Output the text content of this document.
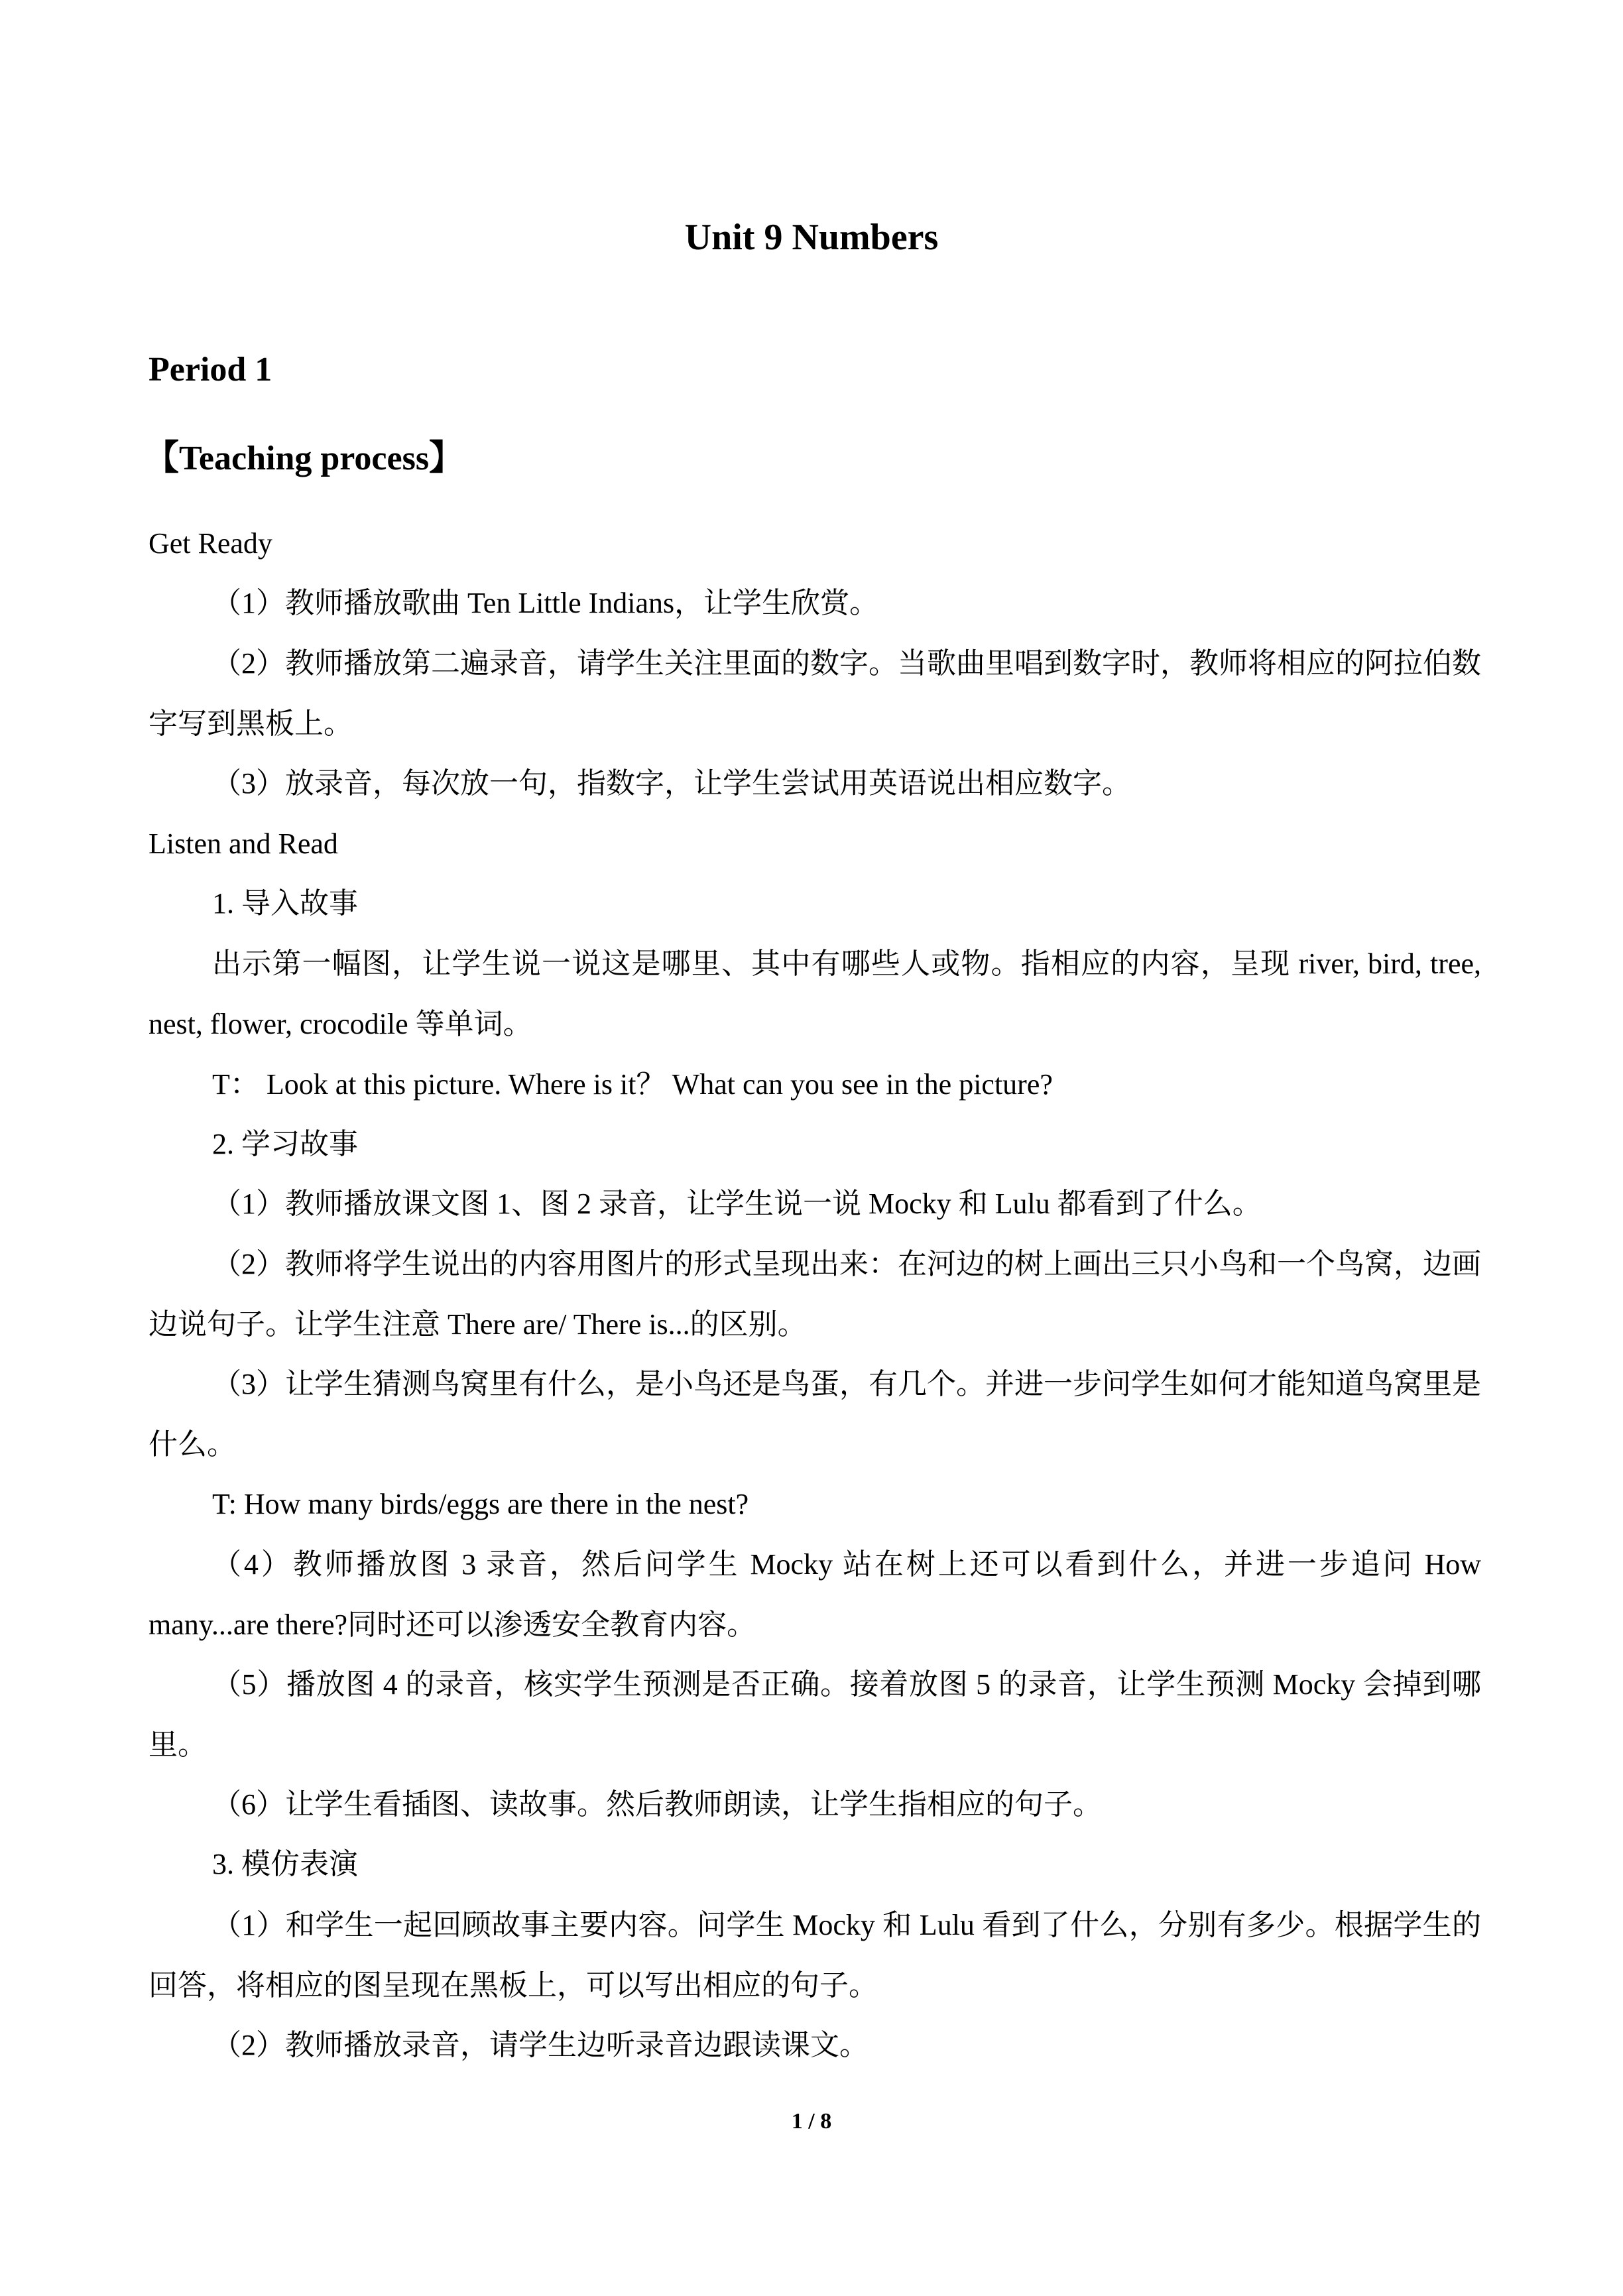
Unit 9 Numbers
Period 1
【Teaching process】

Get Ready

（1）教师播放歌曲 Ten Little Indians，让学生欣赏。

（2）教师播放第二遍录音，请学生关注里面的数字。当歌曲里唱到数字时，教师将相应的阿拉伯数字写到黑板上。

（3）放录音，每次放一句，指数字，让学生尝试用英语说出相应数字。

Listen and Read

1. 导入故事

出示第一幅图，让学生说一说这是哪里、其中有哪些人或物。指相应的内容，呈现 river, bird, tree, nest, flower, crocodile 等单词。

T： Look at this picture. Where is it？ What can you see in the picture?

2. 学习故事

（1）教师播放课文图 1、图 2 录音，让学生说一说 Mocky 和 Lulu 都看到了什么。

（2）教师将学生说出的内容用图片的形式呈现出来：在河边的树上画出三只小鸟和一个鸟窝，边画边说句子。让学生注意 There are/ There is...的区别。

（3）让学生猜测鸟窝里有什么，是小鸟还是鸟蛋，有几个。并进一步问学生如何才能知道鸟窝里是什么。

T: How many birds/eggs are there in the nest?

（4）教师播放图 3 录音，然后问学生 Mocky 站在树上还可以看到什么，并进一步追问 How many...are there?同时还可以渗透安全教育内容。

（5）播放图 4 的录音，核实学生预测是否正确。接着放图 5 的录音，让学生预测 Mocky 会掉到哪里。

（6）让学生看插图、读故事。然后教师朗读，让学生指相应的句子。

3. 模仿表演

（1）和学生一起回顾故事主要内容。问学生 Mocky 和 Lulu 看到了什么，分别有多少。根据学生的回答，将相应的图呈现在黑板上，可以写出相应的句子。

（2）教师播放录音，请学生边听录音边跟读课文。

1 / 8
